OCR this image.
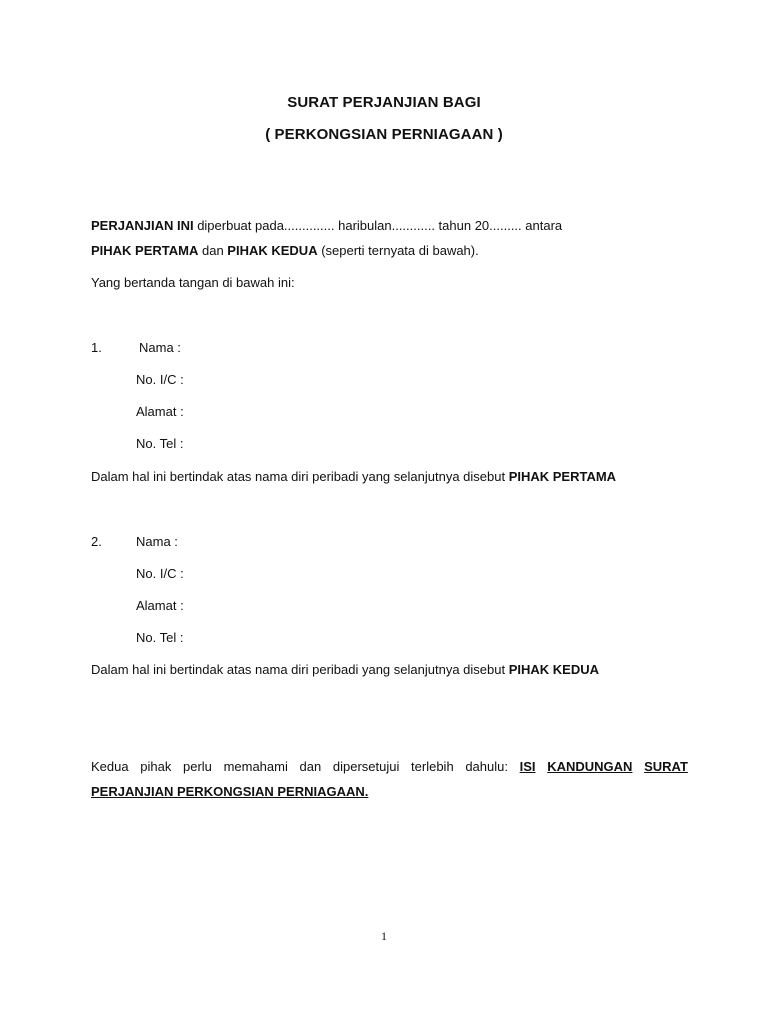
SURAT PERJANJIAN BAGI
( PERKONGSIAN PERNIAGAAN )
PERJANJIAN INI diperbuat pada.............. haribulan............ tahun 20......... antara
PIHAK PERTAMA dan PIHAK KEDUA (seperti ternyata di bawah).
Yang bertanda tangan di bawah ini:
1.	Nama :
No. I/C :
Alamat :
No. Tel :
Dalam hal ini bertindak atas nama diri peribadi yang selanjutnya disebut PIHAK PERTAMA
2.	Nama :
No. I/C :
Alamat :
No. Tel :
Dalam hal ini bertindak atas nama diri peribadi yang selanjutnya disebut PIHAK KEDUA
Kedua pihak perlu memahami dan dipersetujui terlebih dahulu: ISI KANDUNGAN SURAT
PERJANJIAN PERKONGSIAN PERNIAGAAN.
1
